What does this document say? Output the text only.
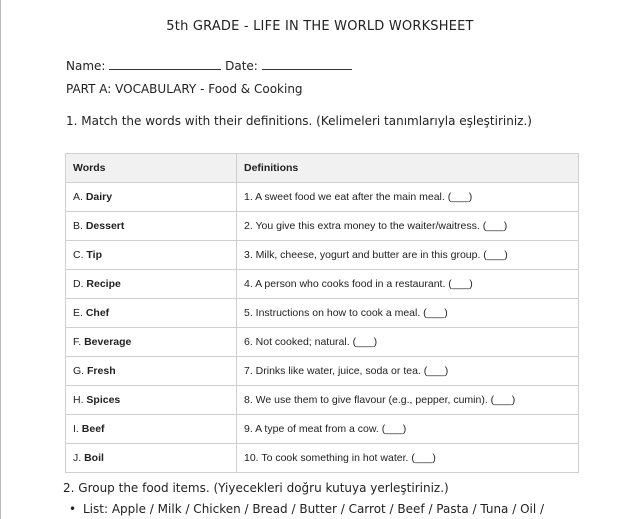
5th GRADE - LIFE IN THE WORLD WORKSHEET
Name:	Date:
PART A: VOCABULARY - Food & Cooking
1. Match the words with their definitions. (Kelimeleri tanımlarıyla eşleştiriniz.)
Words	Definitions
A. Dairy	1. A sweet food we eat after the main meal. (___)
B. Dessert	2. You give this extra money to the waiter/waitress. (___)
C. Tip	3. Milk, cheese, yogurt and butter are in this group. (___)
D. Recipe	4. A person who cooks food in a restaurant. (___)
E. Chef	5. Instructions on how to cook a meal. (___)
F. Beverage	6. Not cooked; natural. (___)
G. Fresh	7. Drinks like water, juice, soda or tea. (___)
H. Spices	8. We use them to give flavour (e.g., pepper, cumin). (___)
I. Beef	9. A type of meat from a cow. (___)
J. Boil	10. To cook something in hot water. (___)
2. Group the food items. (Yiyecekleri doğru kutuya yerleştiriniz.)
• List: Apple / Milk / Chicken / Bread / Butter / Carrot / Beef / Pasta / Tuna / Oil /
